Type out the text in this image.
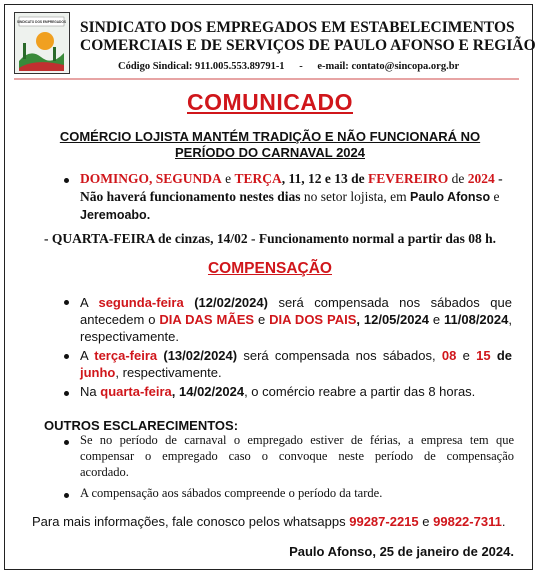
SINDICATO DOS EMPREGADOS SINDICATO DOS EMPREGADOS EM ESTABELECIMENTOS
COMERCIAIS E DE SERVIÇOS DE PAULO AFONSO E REGIÃO
Código Sindical: 911.005.553.89791-1 - e-mail: contato@sincopa.org.br
COMUNICADO
COMÉRCIO LOJISTA MANTÉM TRADIÇÃO E NÃO FUNCIONARÁ NO
PERÍODO DO CARNAVAL 2024
DOMINGO, SEGUNDA e TERÇA, 11, 12 e 13 de FEVEREIRO de 2024 -
Não haverá funcionamento nestes dias no setor lojista, em Paulo Afonso e
Jeremoabo.
- QUARTA-FEIRA de cinzas, 14/02 - Funcionamento normal a partir das 08 h.
COMPENSAÇÃO
A segunda-feira (12/02/2024) será compensada nos sábados que antecedem o DIA DAS MÃES e DIA DOS PAIS, 12/05/2024 e 11/08/2024, respectivamente.
A terça-feira (13/02/2024) será compensada nos sábados, 08 e 15 de junho, respectivamente.
Na quarta-feira, 14/02/2024, o comércio reabre a partir das 8 horas.
OUTROS ESCLARECIMENTOS:
Se no período de carnaval o empregado estiver de férias, a empresa tem que
compensar o empregado caso o convoque neste período de compensação
acordado.
A compensação aos sábados compreende o período da tarde.
Para mais informações, fale conosco pelos whatsapps 99287-2215 e 99822-7311.
Paulo Afonso, 25 de janeiro de 2024.
